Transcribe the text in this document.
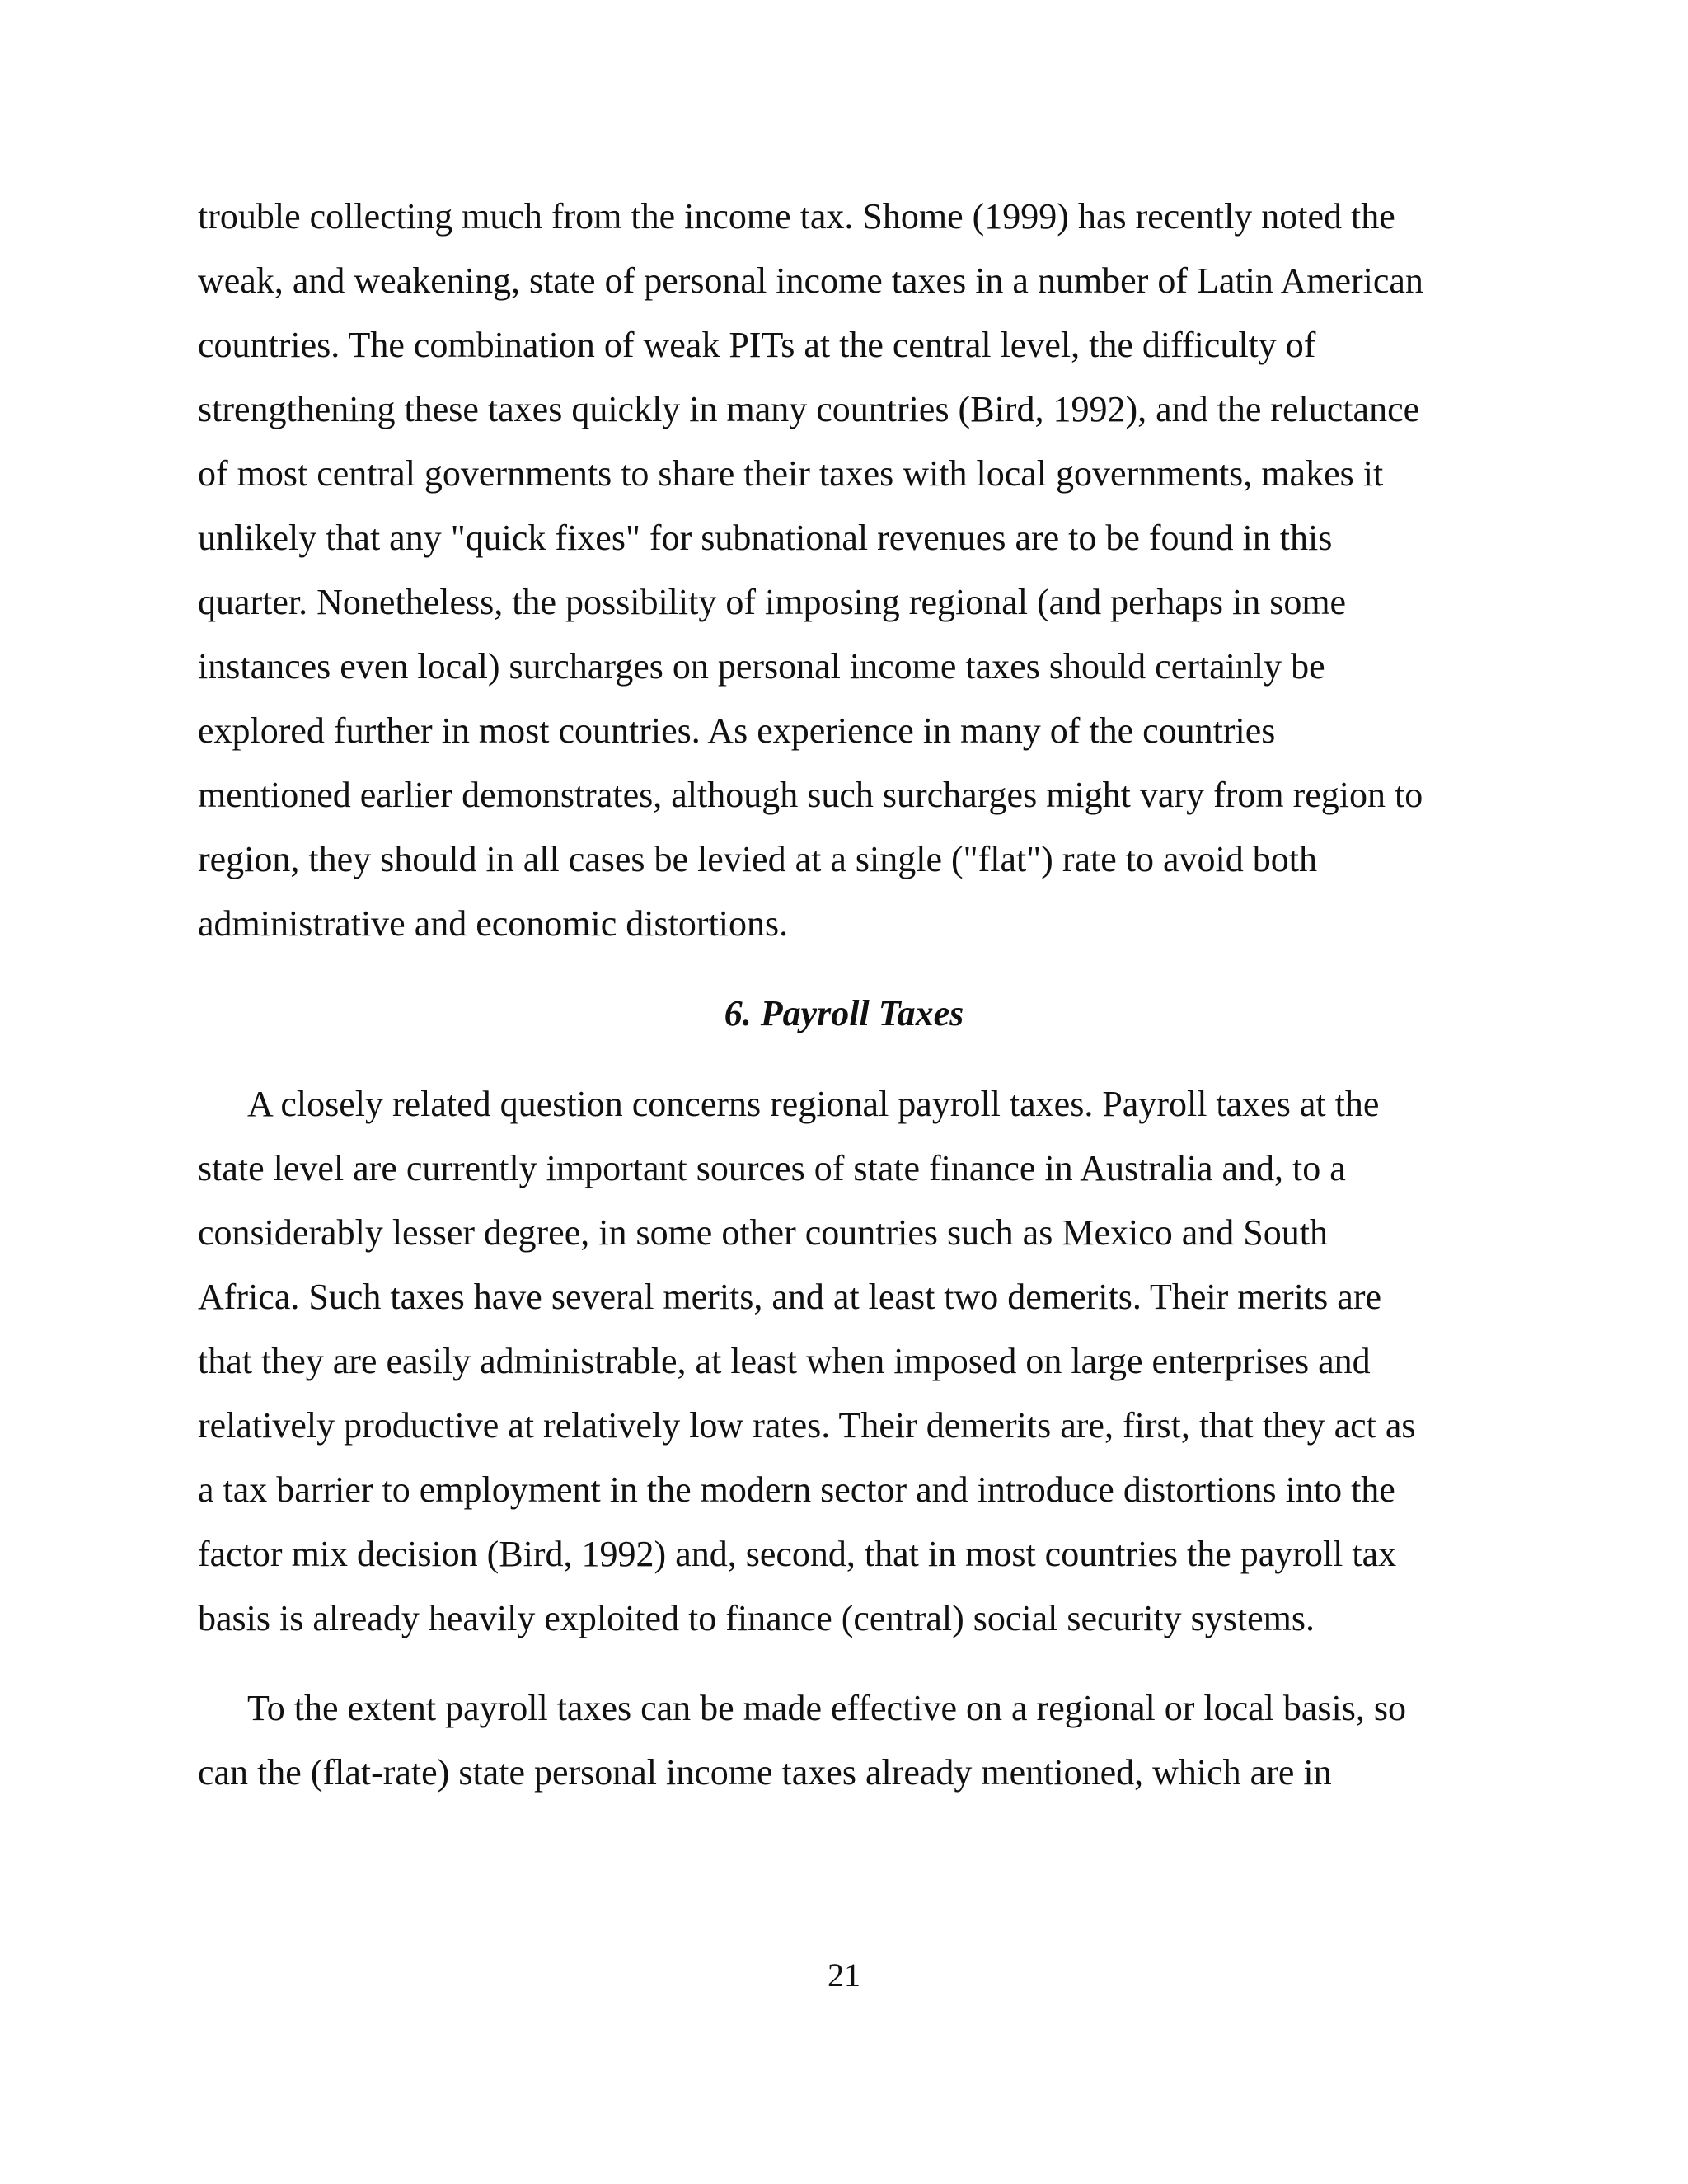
trouble collecting much from the income tax. Shome (1999) has recently noted the

weak, and weakening, state of personal income taxes in a number of Latin American

countries. The combination of weak PITs at the central level, the difficulty of

strengthening these taxes quickly in many countries (Bird, 1992), and the reluctance

of most central governments to share their taxes with local governments, makes it

unlikely that any "quick fixes" for subnational revenues are to be found in this

quarter. Nonetheless, the possibility of imposing regional (and perhaps in some

instances even local) surcharges on personal income taxes should certainly be

explored further in most countries. As experience in many of the countries

mentioned earlier demonstrates, although such surcharges might vary from region to

region, they should in all cases be levied at a single ("flat") rate to avoid both

administrative and economic distortions.

6. Payroll Taxes

A closely related question concerns regional payroll taxes. Payroll taxes at the

state level are currently important sources of state finance in Australia and, to a

considerably lesser degree, in some other countries such as Mexico and South

Africa. Such taxes have several merits, and at least two demerits. Their merits are

that they are easily administrable, at least when imposed on large enterprises and

relatively productive at relatively low rates. Their demerits are, first, that they act as

a tax barrier to employment in the modern sector and introduce distortions into the

factor mix decision (Bird, 1992) and, second, that in most countries the payroll tax

basis is already heavily exploited to finance (central) social security systems.

To the extent payroll taxes can be made effective on a regional or local basis, so

can the (flat-rate) state personal income taxes already mentioned, which are in

21
